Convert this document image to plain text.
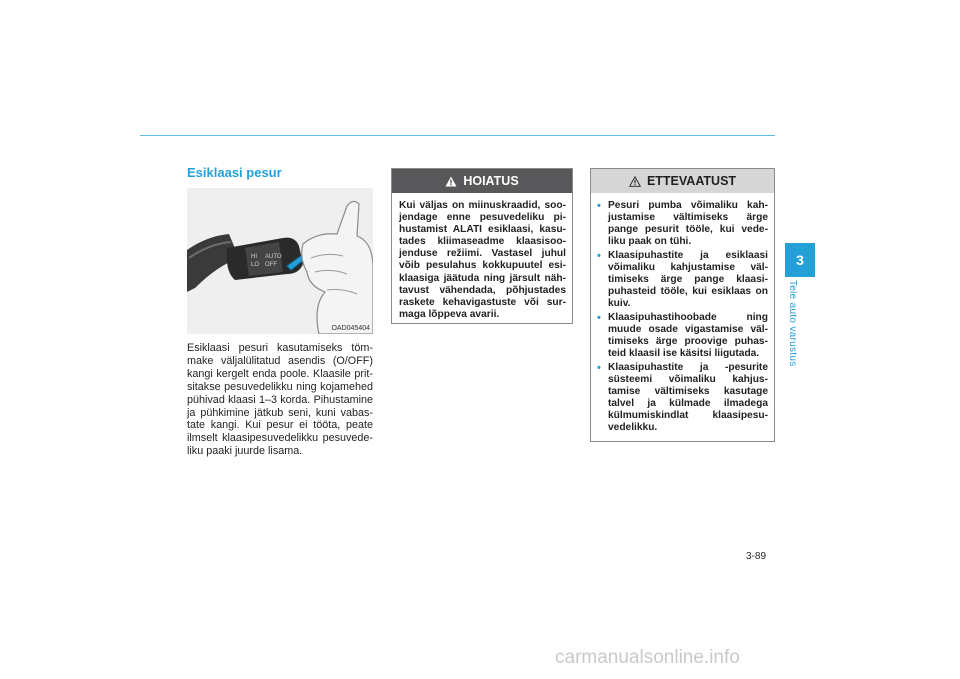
Esiklaasi pesur
HI
LO
AUTO
OFF
OAD045404

Esiklaasi pesuri kasutamiseks töm-make väljalülitatud asendis (O/OFF) kangi kergelt enda poole. Klaasile prit-sitakse pesuvedelikku ning kojamehed pühivad klaasi 1–3 korda. Pihustamine ja pühkimine jätkub seni, kuni vabas-tate kangi. Kui pesur ei tööta, peate ilmselt klaasipesuvedelikku pesuvede-liku paaki juurde lisama.

HOIATUS

Kui väljas on miinuskraadid, soo-jendage enne pesuvedeliku pi-hustamist ALATI esiklaasi, kasu-tades kliimaseadme klaasisoo-jenduse režiimi. Vastasel juhul võib pesulahus kokkupuutel esi-klaasiga jäätuda ning järsult näh-tavust vähendada, põhjustades raskete kehavigastuste või sur-maga lõppeva avarii.

ETTEVAATUST
• Pesuri pumba võimaliku kah-justamise vältimiseks ärge pange pesurit tööle, kui vede-liku paak on tühi.
• Klaasipuhastite ja esiklaasi võimaliku kahjustamise väl-timiseks ärge pange klaasi-puhasteid tööle, kui esiklaas on kuiv.
• Klaasipuhastihoobade ning muude osade vigastamise väl-timiseks ärge proovige puhas-teid klaasil ise käsitsi liigutada.
• Klaasipuhastite ja -pesurite süsteemi võimaliku kahjus-tamise vältimiseks kasutage talvel ja külmade ilmadega külmumiskindlat klaasipesu-vedelikku.
3
Teie auto varustus
3-89
carmanualsonline.info
